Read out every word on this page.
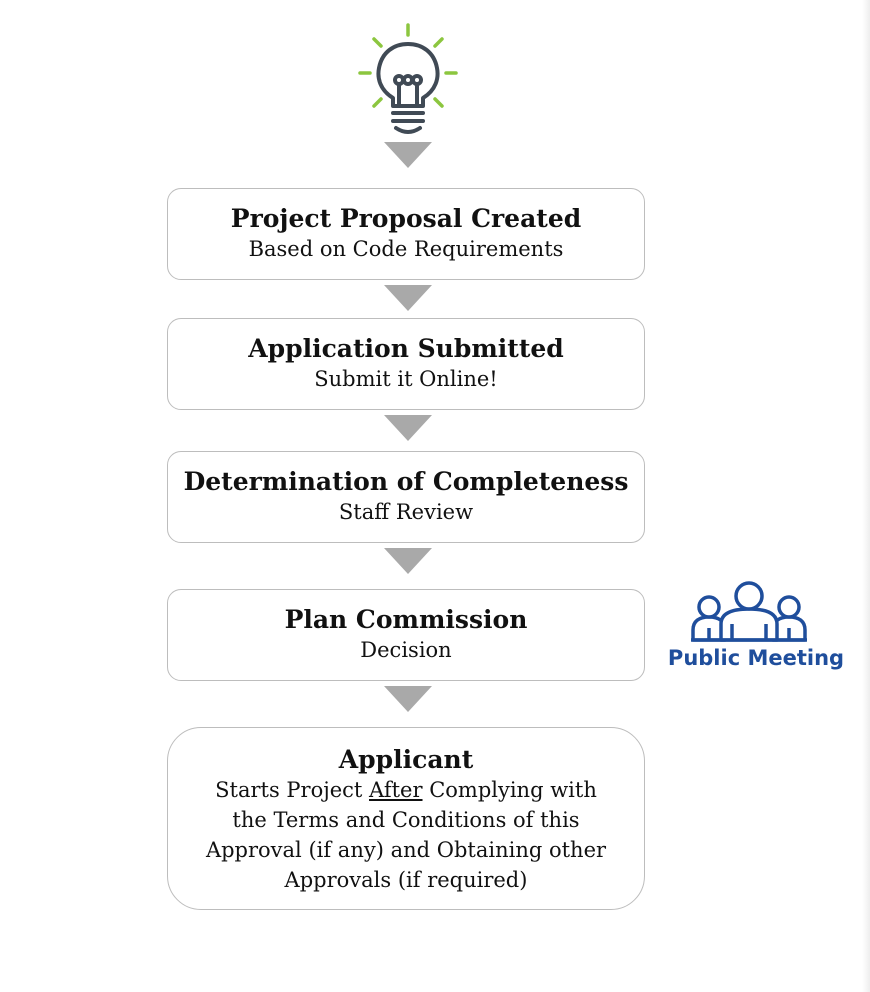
Project Proposal Created
Based on Code Requirements
Application Submitted
Submit it Online!
Determination of Completeness
Staff Review
Plan Commission
Decision
Applicant
Starts Project After Complying with
the Terms and Conditions of this
Approval (if any) and Obtaining other
Approvals (if required)
Public Meeting
